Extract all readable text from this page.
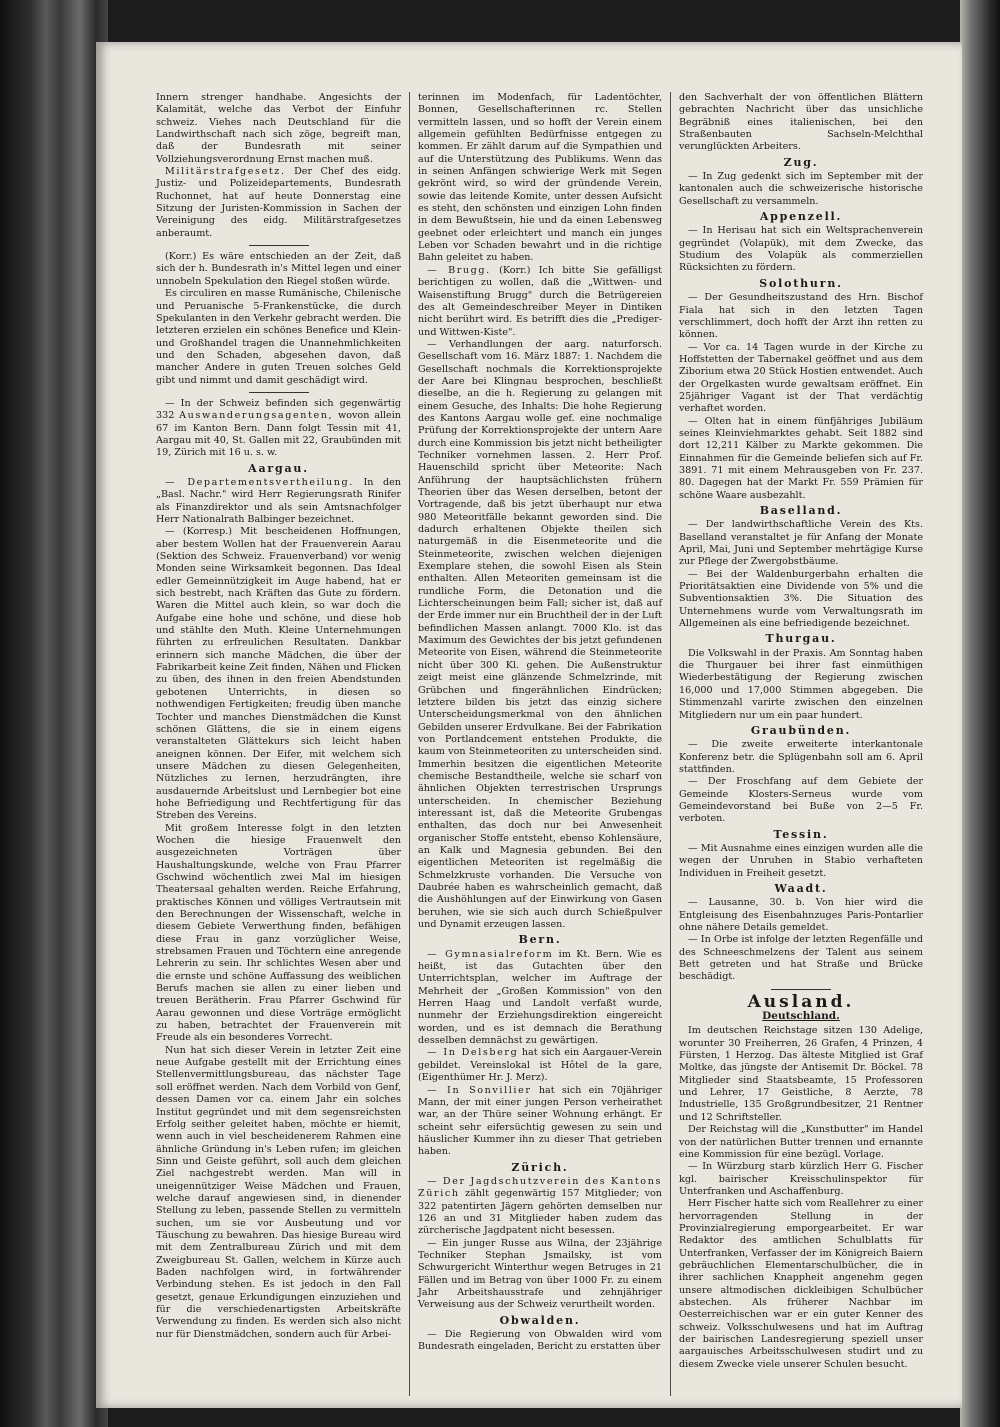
Innern strenger handhabe. Angesichts der Kalamität, welche das Verbot der Einfuhr schweiz. Viehes nach Deutschland für die Landwirthschaft nach sich zöge, begreift man, daß der Bundesrath mit seiner Vollziehungsverordnung Ernst machen muß.

Militärstrafgesetz. Der Chef des eidg. Justiz- und Polizeidepartements, Bundesrath Ruchonnet, hat auf heute Donnerstag eine Sitzung der Juristen-Kommission in Sachen der Vereinigung des eidg. Militärstrafgesetzes anberaumt.

(Korr.) Es wäre entschieden an der Zeit, daß sich der h. Bundesrath in's Mittel legen und einer unnobeln Spekulation den Riegel stoßen würde.

Es circuliren en masse Rumänische, Chilenische und Peruanische 5-Frankenstücke, die durch Spekulanten in den Verkehr gebracht werden. Die letzteren erzielen ein schönes Benefice und Klein- und Großhandel tragen die Unannehmlichkeiten und den Schaden, abgesehen davon, daß mancher Andere in guten Treuen solches Geld gibt und nimmt und damit geschädigt wird.

— In der Schweiz befinden sich gegenwärtig 332 Auswanderungsagenten, wovon allein 67 im Kanton Bern. Dann folgt Tessin mit 41, Aargau mit 40, St. Gallen mit 22, Graubünden mit 19, Zürich mit 16 u. s. w.

Aargau.

— Departementsvertheilung. In den „Basl. Nachr." wird Herr Regierungsrath Rinifer als Finanzdirektor und als sein Amtsnachfolger Herr Nationalrath Balbinger bezeichnet.

— (Korresp.) Mit bescheidenen Hoffnungen, aber bestem Wollen hat der Frauenverein Aarau (Sektion des Schweiz. Frauenverband) vor wenig Monden seine Wirksamkeit begonnen. Das Ideal edler Gemeinnützigkeit im Auge habend, hat er sich bestrebt, nach Kräften das Gute zu fördern. Waren die Mittel auch klein, so war doch die Aufgabe eine hohe und schöne, und diese hob und stählte den Muth. Kleine Unternehmungen führten zu erfreulichen Resultaten. Dankbar erinnern sich manche Mädchen, die über der Fabrikarbeit keine Zeit finden, Nähen und Flicken zu üben, des ihnen in den freien Abendstunden gebotenen Unterrichts, in diesen so nothwendigen Fertigkeiten; freudig üben manche Tochter und manches Dienstmädchen die Kunst schönen Glättens, die sie in einem eigens veranstalteten Glättekurs sich leicht haben aneignen können. Der Eifer, mit welchem sich unsere Mädchen zu diesen Gelegenheiten, Nützliches zu lernen, herzudrängten, ihre ausdauernde Arbeitslust und Lernbegier bot eine hohe Befriedigung und Rechtfertigung für das Streben des Vereins.

Mit großem Interesse folgt in den letzten Wochen die hiesige Frauenwelt den ausgezeichneten Vorträgen über Haushaltungskunde, welche von Frau Pfarrer Gschwind wöchentlich zwei Mal im hiesigen Theatersaal gehalten werden. Reiche Erfahrung, praktisches Können und völliges Vertrautsein mit den Berechnungen der Wissenschaft, welche in diesem Gebiete Verwerthung finden, befähigen diese Frau in ganz vorzüglicher Weise, strebsamen Frauen und Töchtern eine anregende Lehrerin zu sein. Ihr schlichtes Wesen aber und die ernste und schöne Auffassung des weiblichen Berufs machen sie allen zu einer lieben und treuen Berätherin. Frau Pfarrer Gschwind für Aarau gewonnen und diese Vorträge ermöglicht zu haben, betrachtet der Frauenverein mit Freude als ein besonderes Vorrecht.

Nun hat sich dieser Verein in letzter Zeit eine neue Aufgabe gestellt mit der Errichtung eines Stellenvermittlungsbureau, das nächster Tage soll eröffnet werden. Nach dem Vorbild von Genf, dessen Damen vor ca. einem Jahr ein solches Institut gegründet und mit dem segensreichsten Erfolg seither geleitet haben, möchte er hiemit, wenn auch in viel bescheidenerem Rahmen eine ähnliche Gründung in's Leben rufen; im gleichen Sinn und Geiste geführt, soll auch dem gleichen Ziel nachgestrebt werden. Man will in uneigennütziger Weise Mädchen und Frauen, welche darauf angewiesen sind, in dienender Stellung zu leben, passende Stellen zu vermitteln suchen, um sie vor Ausbeutung und vor Täuschung zu bewahren. Das hiesige Bureau wird mit dem Zentralbureau Zürich und mit dem Zweigbureau St. Gallen, welchem in Kürze auch Baden nachfolgen wird, in fortwährender Verbindung stehen. Es ist jedoch in den Fall gesetzt, genaue Erkundigungen einzuziehen und für die verschiedenartigsten Arbeitskräfte Verwendung zu finden. Es werden sich also nicht nur für Dienstmädchen, sondern auch für Arbei-

terinnen im Modenfach, für Ladentöchter, Bonnen, Gesellschafterinnen rc. Stellen vermitteln lassen, und so hofft der Verein einem allgemein gefühlten Bedürfnisse entgegen zu kommen. Er zählt darum auf die Sympathien und auf die Unterstützung des Publikums. Wenn das in seinen Anfängen schwierige Werk mit Segen gekrönt wird, so wird der gründende Verein, sowie das leitende Komite, unter dessen Aufsicht es steht, den schönsten und einzigen Lohn finden in dem Bewußtsein, hie und da einen Lebensweg geebnet oder erleichtert und manch ein junges Leben vor Schaden bewahrt und in die richtige Bahn geleitet zu haben.

— Brugg. (Korr.) Ich bitte Sie gefälligst berichtigen zu wollen, daß die „Wittwen- und Waisenstiftung Brugg" durch die Betrügereien des alt Gemeindeschreiber Meyer in Dintiken nicht berührt wird. Es betrifft dies die „Prediger- und Wittwen-Kiste".

— Verhandlungen der aarg. naturforsch. Gesellschaft vom 16. März 1887: 1. Nachdem die Gesellschaft nochmals die Korrektionsprojekte der Aare bei Klingnau besprochen, beschließt dieselbe, an die h. Regierung zu gelangen mit einem Gesuche, des Inhalts: Die hohe Regierung des Kantons Aargau wolle gef. eine nochmalige Prüfung der Korrektionsprojekte der untern Aare durch eine Kommission bis jetzt nicht betheiligter Techniker vornehmen lassen. 2. Herr Prof. Hauenschild spricht über Meteorite: Nach Anführung der hauptsächlichsten frühern Theorien über das Wesen derselben, betont der Vortragende, daß bis jetzt überhaupt nur etwa 980 Meteoritfälle bekannt geworden sind. Die dadurch erhaltenen Objekte theilen sich naturgemäß in die Eisenmeteorite und die Steinmeteorite, zwischen welchen diejenigen Exemplare stehen, die sowohl Eisen als Stein enthalten. Allen Meteoriten gemeinsam ist die rundliche Form, die Detonation und die Lichterscheinungen beim Fall; sicher ist, daß auf der Erde immer nur ein Bruchtheil der in der Luft befindlichen Massen anlangt. 7000 Klo. ist das Maximum des Gewichtes der bis jetzt gefundenen Meteorite von Eisen, während die Steinmeteorite nicht über 300 Kl. gehen. Die Außenstruktur zeigt meist eine glänzende Schmelzrinde, mit Grübchen und fingerähnlichen Eindrücken; letztere bilden bis jetzt das einzig sichere Unterscheidungsmerkmal von den ähnlichen Gebilden unserer Erdvulkane. Bei der Fabrikation von Portlandcement entstehen Produkte, die kaum von Steinmeteoriten zu unterscheiden sind. Immerhin besitzen die eigentlichen Meteorite chemische Bestandtheile, welche sie scharf von ähnlichen Objekten terrestrischen Ursprungs unterscheiden. In chemischer Beziehung interessant ist, daß die Meteorite Grubengas enthalten, das doch nur bei Anwesenheit organischer Stoffe entsteht, ebenso Kohlensäure, an Kalk und Magnesia gebunden. Bei den eigentlichen Meteoriten ist regelmäßig die Schmelzkruste vorhanden. Die Versuche von Daubrée haben es wahrscheinlich gemacht, daß die Aushöhlungen auf der Einwirkung von Gasen beruhen, wie sie sich auch durch Schießpulver und Dynamit erzeugen lassen.

Bern.

— Gymnasialreform im Kt. Bern. Wie es heißt, ist das Gutachten über den Unterrichtsplan, welcher im Auftrage der Mehrheit der „Großen Kommission" von den Herren Haag und Landolt verfaßt wurde, nunmehr der Erziehungsdirektion eingereicht worden, und es ist demnach die Berathung desselben demnächst zu gewärtigen.

— In Delsberg hat sich ein Aargauer-Verein gebildet. Vereinslokal ist Hôtel de la gare, (Eigenthümer Hr. J. Merz).

— In Sonvillier hat sich ein 70jähriger Mann, der mit einer jungen Person verheirathet war, an der Thüre seiner Wohnung erhängt. Er scheint sehr eifersüchtig gewesen zu sein und häuslicher Kummer ihn zu dieser That getrieben haben.

Zürich.

— Der Jagdschutzverein des Kantons Zürich zählt gegenwärtig 157 Mitglieder; von 322 patentirten Jägern gehörten demselben nur 126 an und 31 Mitglieder haben zudem das zürcherische Jagdpatent nicht besessen.

— Ein junger Russe aus Wilna, der 23jährige Techniker Stephan Jsmailsky, ist vom Schwurgericht Winterthur wegen Betruges in 21 Fällen und im Betrag von über 1000 Fr. zu einem Jahr Arbeitshausstrafe und zehnjähriger Verweisung aus der Schweiz verurtheilt worden.

Obwalden.

— Die Regierung von Obwalden wird vom Bundesrath eingeladen, Bericht zu erstatten über

den Sachverhalt der von öffentlichen Blättern gebrachten Nachricht über das unsichliche Begräbniß eines italienischen, bei den Straßenbauten Sachseln-Melchthal verunglückten Arbeiters.

Zug.

— In Zug gedenkt sich im September mit der kantonalen auch die schweizerische historische Gesellschaft zu versammeln.

Appenzell.

— In Herisau hat sich ein Weltsprachenverein gegründet (Volapük), mit dem Zwecke, das Studium des Volapük als commerziellen Rücksichten zu fördern.

Solothurn.

— Der Gesundheitszustand des Hrn. Bischof Fiala hat sich in den letzten Tagen verschlimmert, doch hofft der Arzt ihn retten zu können.

— Vor ca. 14 Tagen wurde in der Kirche zu Hoffstetten der Tabernakel geöffnet und aus dem Ziborium etwa 20 Stück Hostien entwendet. Auch der Orgelkasten wurde gewaltsam eröffnet. Ein 25jähriger Vagant ist der That verdächtig verhaftet worden.

— Olten hat in einem fünfjähriges Jubiläum seines Kleinviehmarktes gehabt. Seit 1882 sind dort 12,211 Kälber zu Markte gekommen. Die Einnahmen für die Gemeinde beliefen sich auf Fr. 3891. 71 mit einem Mehrausgeben von Fr. 237. 80. Dagegen hat der Markt Fr. 559 Prämien für schöne Waare ausbezahlt.

Baselland.

— Der landwirthschaftliche Verein des Kts. Baselland veranstaltet je für Anfang der Monate April, Mai, Juni und September mehrtägige Kurse zur Pflege der Zwergobstbäume.

— Bei der Waldenburgerbahn erhalten die Prioritätsaktien eine Dividende von 5% und die Subventionsaktien 3%. Die Situation des Unternehmens wurde vom Verwaltungsrath im Allgemeinen als eine befriedigende bezeichnet.

Thurgau.

Die Volkswahl in der Praxis. Am Sonntag haben die Thurgauer bei ihrer fast einmüthigen Wiederbestätigung der Regierung zwischen 16,000 und 17,000 Stimmen abgegeben. Die Stimmenzahl varirte zwischen den einzelnen Mitgliedern nur um ein paar hundert.

Graubünden.

— Die zweite erweiterte interkantonale Konferenz betr. die Splügenbahn soll am 6. April stattfinden.

— Der Froschfang auf dem Gebiete der Gemeinde Klosters-Serneus wurde vom Gemeindevorstand bei Buße von 2—5 Fr. verboten.

Tessin.

— Mit Ausnahme eines einzigen wurden alle die wegen der Unruhen in Stabio verhafteten Individuen in Freiheit gesetzt.

Waadt.

— Lausanne, 30. b. Von hier wird die Entgleisung des Eisenbahnzuges Paris-Pontarlier ohne nähere Details gemeldet.

— In Orbe ist infolge der letzten Regenfälle und des Schneeschmelzens der Talent aus seinem Bett getreten und hat Straße und Brücke beschädigt.

Ausland.
Deutschland.

Im deutschen Reichstage sitzen 130 Adelige, worunter 30 Freiherren, 26 Grafen, 4 Prinzen, 4 Fürsten, 1 Herzog. Das älteste Mitglied ist Graf Moltke, das jüngste der Antisemit Dr. Böckel. 78 Mitglieder sind Staatsbeamte, 15 Professoren und Lehrer, 17 Geistliche, 8 Aerzte, 78 Industrielle, 135 Großgrundbesitzer, 21 Rentner und 12 Schriftsteller.

Der Reichstag will die „Kunstbutter" im Handel von der natürlichen Butter trennen und ernannte eine Kommission für eine bezügl. Vorlage.

— In Würzburg starb kürzlich Herr G. Fischer kgl. bairischer Kreisschulinspektor für Unterfranken und Aschaffenburg.

Herr Fischer hatte sich vom Reallehrer zu einer hervorragenden Stellung in der Provinzialregierung emporgearbeitet. Er war Redaktor des amtlichen Schulblatts für Unterfranken, Verfasser der im Königreich Baiern gebräuchlichen Elementarschulbücher, die in ihrer sachlichen Knappheit angenehm gegen unsere altmodischen dickleibigen Schulbücher abstechen. Als früherer Nachbar im Oesterreichischen war er ein guter Kenner des schweiz. Volksschulwesens und hat im Auftrag der bairischen Landesregierung speziell unser aargauisches Arbeitsschulwesen studirt und zu diesem Zwecke viele unserer Schulen besucht.
